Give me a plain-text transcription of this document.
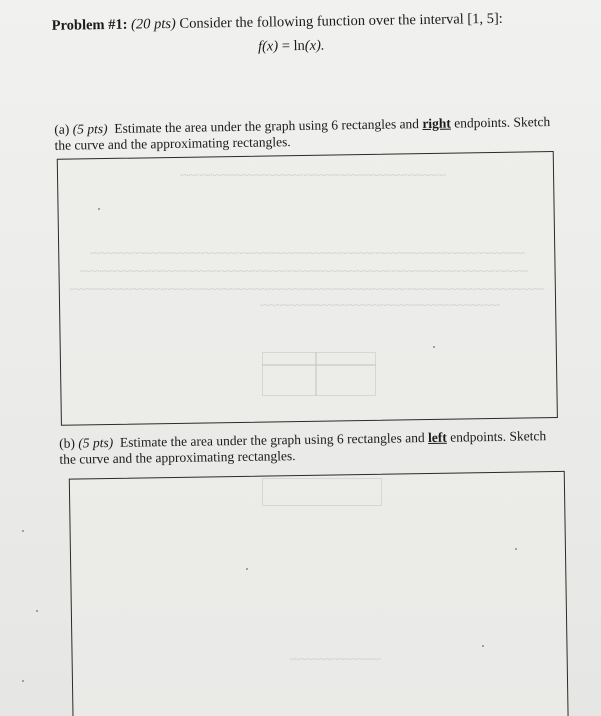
Problem #1: (20 pts) Consider the following function over the interval [1, 5]:
f(x) = ln(x).
(a) (5 pts) Estimate the area under the graph using 6 rectangles and right endpoints. Sketch the curve and the approximating rectangles.
(b) (5 pts) Estimate the area under the graph using 6 rectangles and left endpoints. Sketch the curve and the approximating rectangles.
~~~~~~~~~~~~~~~~~~~~~~~~~~~~~~~~~~~~~~~~~
~~~~~~~~~~~~~~~~~~~~~~~~~~~~~~~~~~~~~~~~~~~~~~~~~~~~~~~~~~~~~~~~~~~
~~~~~~~~~~~~~~~~~~~~~~~~~~~~~~~~~~~~~~~~~~~~~~~~~~~~~~~~~~~~~~~~~~~~~
~~~~~~~~~~~~~~~~~~~~~~~~~~~~~~~~~~~~~~~~~~~~~~~~~~~~~~~~~~~~~~~~~~~~~~~~~
~~~~~~~~~~~~~~~~~~~~~~~~~~~~~~~~~~~~~
~~~~~~~~~~~~~~
